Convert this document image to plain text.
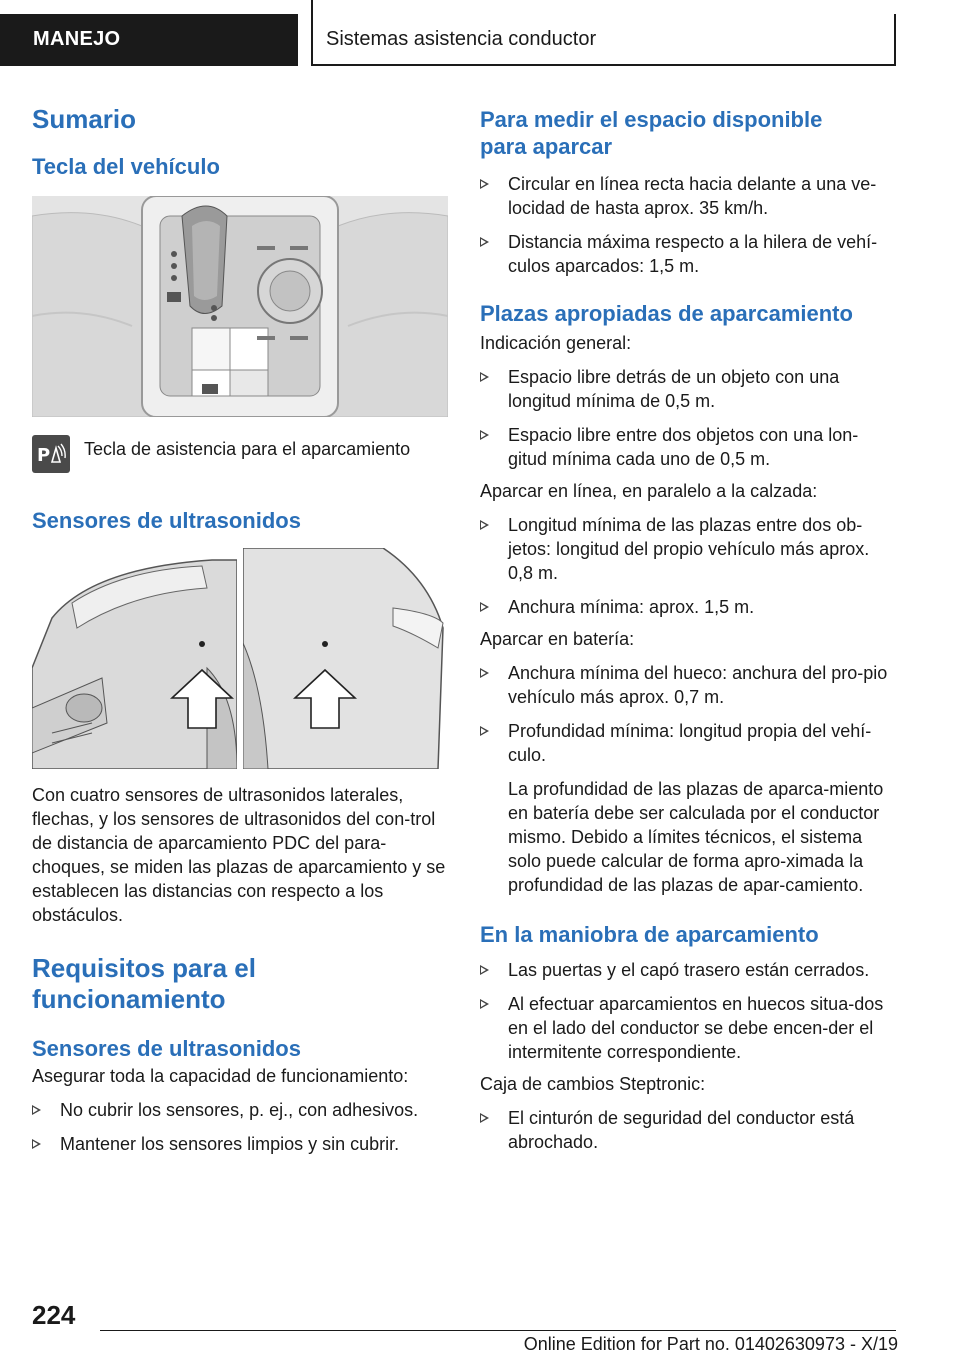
MANEJO	Sistemas asistencia conductor
Sumario
Tecla del vehículo
P Tecla de asistencia para el aparcamiento
Sensores de ultrasonidos
Con cuatro sensores de ultrasonidos laterales, flechas, y los sensores de ultrasonidos del con-trol de distancia de aparcamiento PDC del para-choques, se miden las plazas de aparcamiento y se establecen las distancias con respecto a los obstáculos.
Requisitos para el funcionamiento
Sensores de ultrasonidos
Asegurar toda la capacidad de funcionamiento:
No cubrir los sensores, p. ej., con adhesivos.
Mantener los sensores limpios y sin cubrir.
Para medir el espacio disponible para aparcar
Circular en línea recta hacia delante a una ve-locidad de hasta aprox. 35 km/h.
Distancia máxima respecto a la hilera de vehí-culos aparcados: 1,5 m.
Plazas apropiadas de aparcamiento
Indicación general:
Espacio libre detrás de un objeto con una longitud mínima de 0,5 m.
Espacio libre entre dos objetos con una lon-gitud mínima cada uno de 0,5 m.
Aparcar en línea, en paralelo a la calzada:
Longitud mínima de las plazas entre dos ob-jetos: longitud del propio vehículo más aprox. 0,8 m.
Anchura mínima: aprox. 1,5 m.
Aparcar en batería:
Anchura mínima del hueco: anchura del pro-pio vehículo más aprox. 0,7 m.
Profundidad mínima: longitud propia del vehí-culo.
La profundidad de las plazas de aparca-miento en batería debe ser calculada por el conductor mismo. Debido a límites técnicos, el sistema solo puede calcular de forma apro-ximada la profundidad de las plazas de apar-camiento.
En la maniobra de aparcamiento
Las puertas y el capó trasero están cerrados.
Al efectuar aparcamientos en huecos situa-dos en el lado del conductor se debe encen-der el intermitente correspondiente.
Caja de cambios Steptronic:
El cinturón de seguridad del conductor está abrochado.
224
Online Edition for Part no. 01402630973 - X/19
